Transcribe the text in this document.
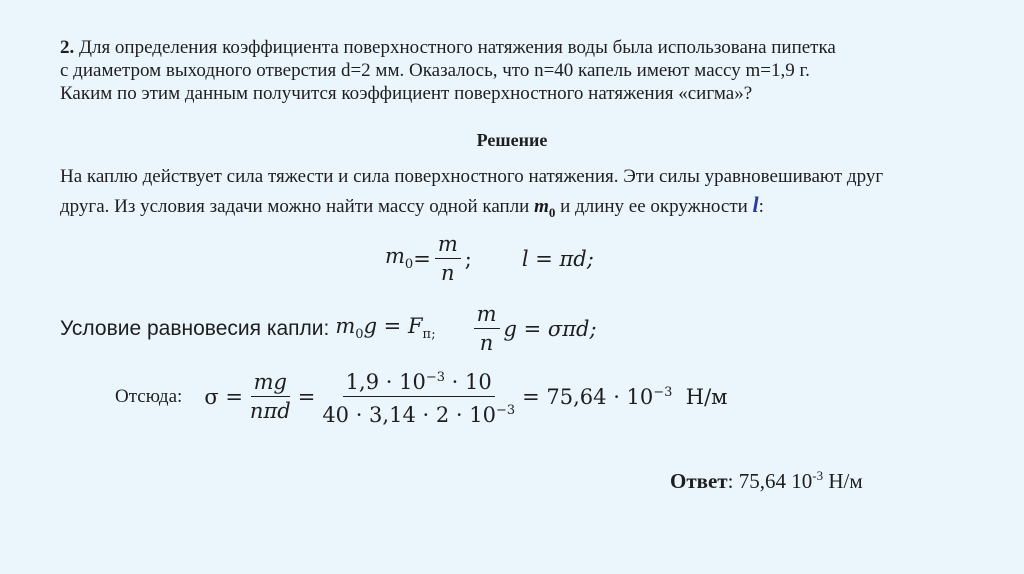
2. Для определения коэффициента поверхностного натяжения воды была использована пипетка
с диаметром выходного отверстия d=2 мм. Оказалось, что n=40 капель имеют массу m=1,9 г.
Каким по этим данным получится коэффициент поверхностного натяжения «сигма»?
Решение
На каплю действует сила тяжести и сила поверхностного натяжения. Эти силы уравновешивают друг
друга. Из условия задачи можно найти массу одной капли $m_0$ и длину ее окружности l:
$m_0 = \frac{m}{n}$ ; l = πd;
Условие равновесия капли: $m_0$ $g = F_{п;} \frac{m}{n}$ g = σπd;
Отсюда: $\sigma = \frac{mg}{\text{nπd}} = \frac{1,9 \cdot 10^{-3} \cdot 10}{40 \cdot 3,14 \cdot 2 \cdot 10^{-3}} = 75,64 \cdot 10^{-3}$  Н/м
Ответ: 75,64 $10^{-3}$ Н/м
